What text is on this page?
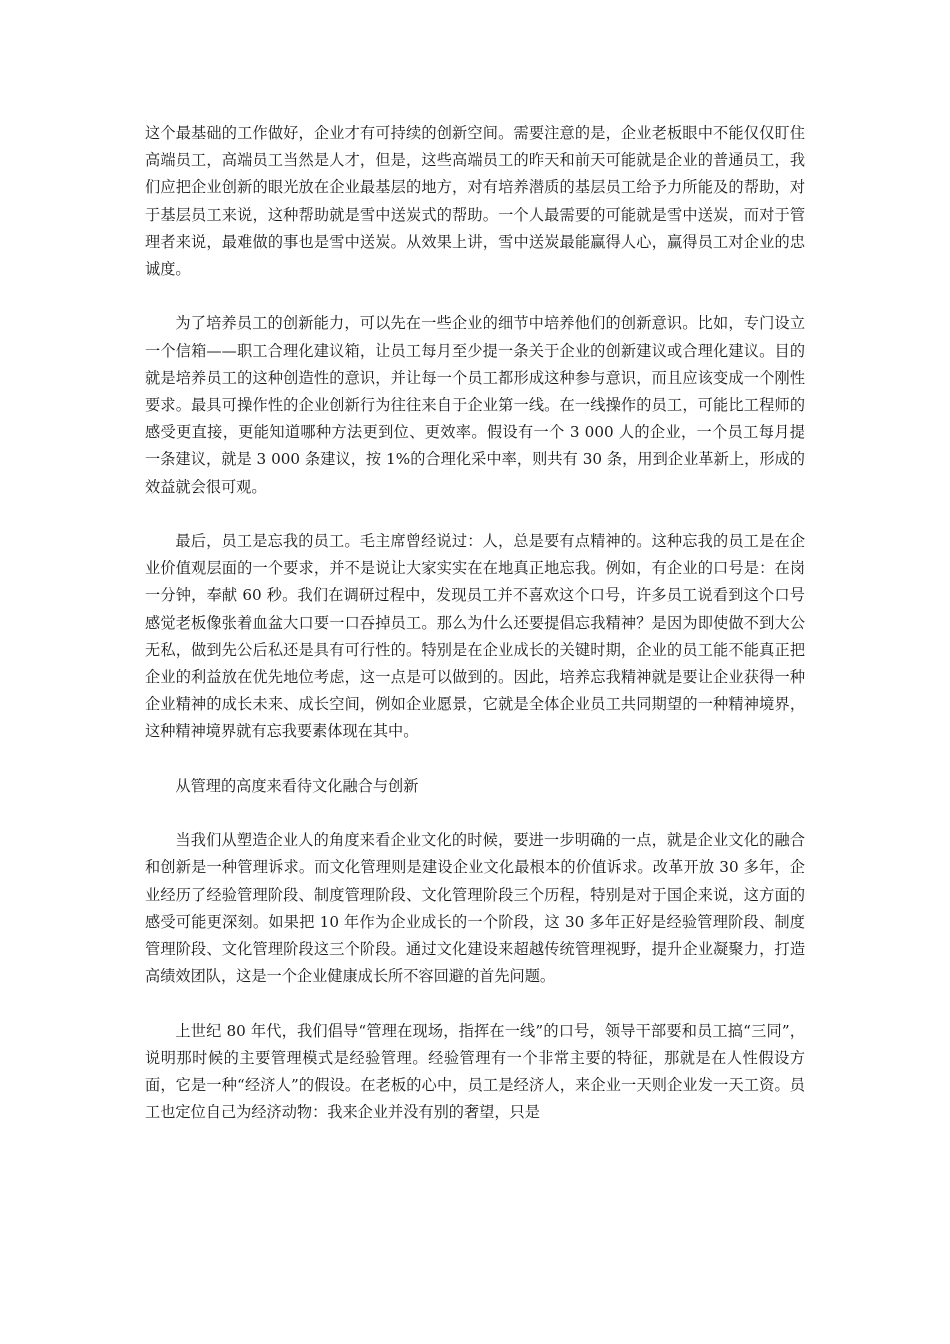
这个最基础的工作做好，企业才有可持续的创新空间。需要注意的是，企业老板眼中不能仅仅盯住高端员工，高端员工当然是人才，但是，这些高端员工的昨天和前天可能就是企业的普通员工，我们应把企业创新的眼光放在企业最基层的地方，对有培养潜质的基层员工给予力所能及的帮助，对于基层员工来说，这种帮助就是雪中送炭式的帮助。一个人最需要的可能就是雪中送炭，而对于管理者来说，最难做的事也是雪中送炭。从效果上讲，雪中送炭最能赢得人心，赢得员工对企业的忠诚度。

为了培养员工的创新能力，可以先在一些企业的细节中培养他们的创新意识。比如，专门设立一个信箱——职工合理化建议箱，让员工每月至少提一条关于企业的创新建议或合理化建议。目的就是培养员工的这种创造性的意识，并让每一个员工都形成这种参与意识，而且应该变成一个刚性要求。最具可操作性的企业创新行为往往来自于企业第一线。在一线操作的员工，可能比工程师的感受更直接，更能知道哪种方法更到位、更效率。假设有一个 3 000 人的企业，一个员工每月提一条建议，就是 3 000 条建议，按 1%的合理化采中率，则共有 30 条，用到企业革新上，形成的效益就会很可观。

最后，员工是忘我的员工。毛主席曾经说过：人，总是要有点精神的。这种忘我的员工是在企业价值观层面的一个要求，并不是说让大家实实在在地真正地忘我。例如，有企业的口号是：在岗一分钟，奉献 60 秒。我们在调研过程中，发现员工并不喜欢这个口号，许多员工说看到这个口号感觉老板像张着血盆大口要一口吞掉员工。那么为什么还要提倡忘我精神？是因为即使做不到大公无私，做到先公后私还是具有可行性的。特别是在企业成长的关键时期，企业的员工能不能真正把企业的利益放在优先地位考虑，这一点是可以做到的。因此，培养忘我精神就是要让企业获得一种企业精神的成长未来、成长空间，例如企业愿景，它就是全体企业员工共同期望的一种精神境界，这种精神境界就有忘我要素体现在其中。

从管理的高度来看待文化融合与创新

当我们从塑造企业人的角度来看企业文化的时候，要进一步明确的一点，就是企业文化的融合和创新是一种管理诉求。而文化管理则是建设企业文化最根本的价值诉求。改革开放 30 多年，企业经历了经验管理阶段、制度管理阶段、文化管理阶段三个历程，特别是对于国企来说，这方面的感受可能更深刻。如果把 10 年作为企业成长的一个阶段，这 30 多年正好是经验管理阶段、制度管理阶段、文化管理阶段这三个阶段。通过文化建设来超越传统管理视野，提升企业凝聚力，打造高绩效团队，这是一个企业健康成长所不容回避的首先问题。

上世纪 80 年代，我们倡导“管理在现场，指挥在一线”的口号，领导干部要和员工搞“三同”，说明那时候的主要管理模式是经验管理。经验管理有一个非常主要的特征，那就是在人性假设方面，它是一种“经济人”的假设。在老板的心中，员工是经济人，来企业一天则企业发一天工资。员工也定位自己为经济动物：我来企业并没有别的奢望，只是
